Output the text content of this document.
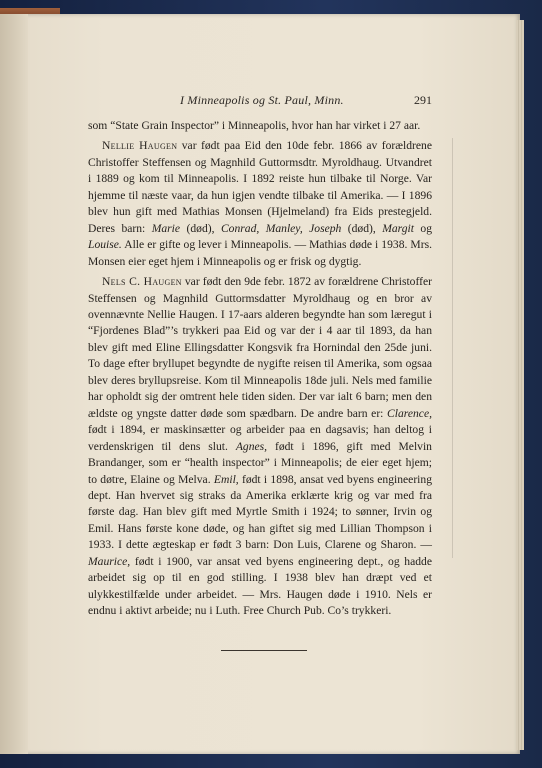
I Minneapolis og St. Paul, Minn.	291

som “State Grain Inspector” i Minneapolis, hvor han har virket i 27 aar.

Nellie Haugen var født paa Eid den 10de febr. 1866 av forældrene Christoffer Steffensen og Magnhild Guttormsdtr. Myroldhaug. Utvandret i 1889 og kom til Minneapolis. I 1892 reiste hun tilbake til Norge. Var hjemme til næste vaar, da hun igjen vendte tilbake til Amerika. — I 1896 blev hun gift med Mathias Monsen (Hjelmeland) fra Eids prestegjeld. Deres barn: Marie (død), Conrad, Manley, Joseph (død), Margit og Louise. Alle er gifte og lever i Minneapolis. — Mathias døde i 1938. Mrs. Monsen eier eget hjem i Minneapolis og er frisk og dygtig.

Nels C. Haugen var født den 9de febr. 1872 av forældrene Christoffer Steffensen og Magnhild Guttormsdatter Myroldhaug og en bror av ovennævnte Nellie Haugen. I 17-aars alderen begyndte han som læregut i “Fjordenes Blad”’s trykkeri paa Eid og var der i 4 aar til 1893, da han blev gift med Eline Ellingsdatter Kongsvik fra Hornindal den 25de juni. To dage efter bryllupet begyndte de nygifte reisen til Amerika, som ogsaa blev deres bryllupsreise. Kom til Minneapolis 18de juli. Nels med familie har opholdt sig der omtrent hele tiden siden. Der var ialt 6 barn; men den ældste og yngste datter døde som spædbarn. De andre barn er: Clarence, født i 1894, er maskinsætter og arbeider paa en dagsavis; han deltog i verdenskrigen til dens slut. Agnes, født i 1896, gift med Melvin Brandanger, som er “health inspector” i Minneapolis; de eier eget hjem; to døtre, Elaine og Melva. Emil, født i 1898, ansat ved byens engineering dept. Han hvervet sig straks da Amerika erklærte krig og var med fra første dag. Han blev gift med Myrtle Smith i 1924; to sønner, Irvin og Emil. Hans første kone døde, og han giftet sig med Lillian Thompson i 1933. I dette ægteskap er født 3 barn: Don Luis, Clarene og Sharon. — Maurice, født i 1900, var ansat ved byens engineering dept., og hadde arbeidet sig op til en god stilling. I 1938 blev han dræpt ved et ulykkestilfælde under arbeidet. — Mrs. Haugen døde i 1910. Nels er endnu i aktivt arbeide; nu i Luth. Free Church Pub. Co’s trykkeri.
